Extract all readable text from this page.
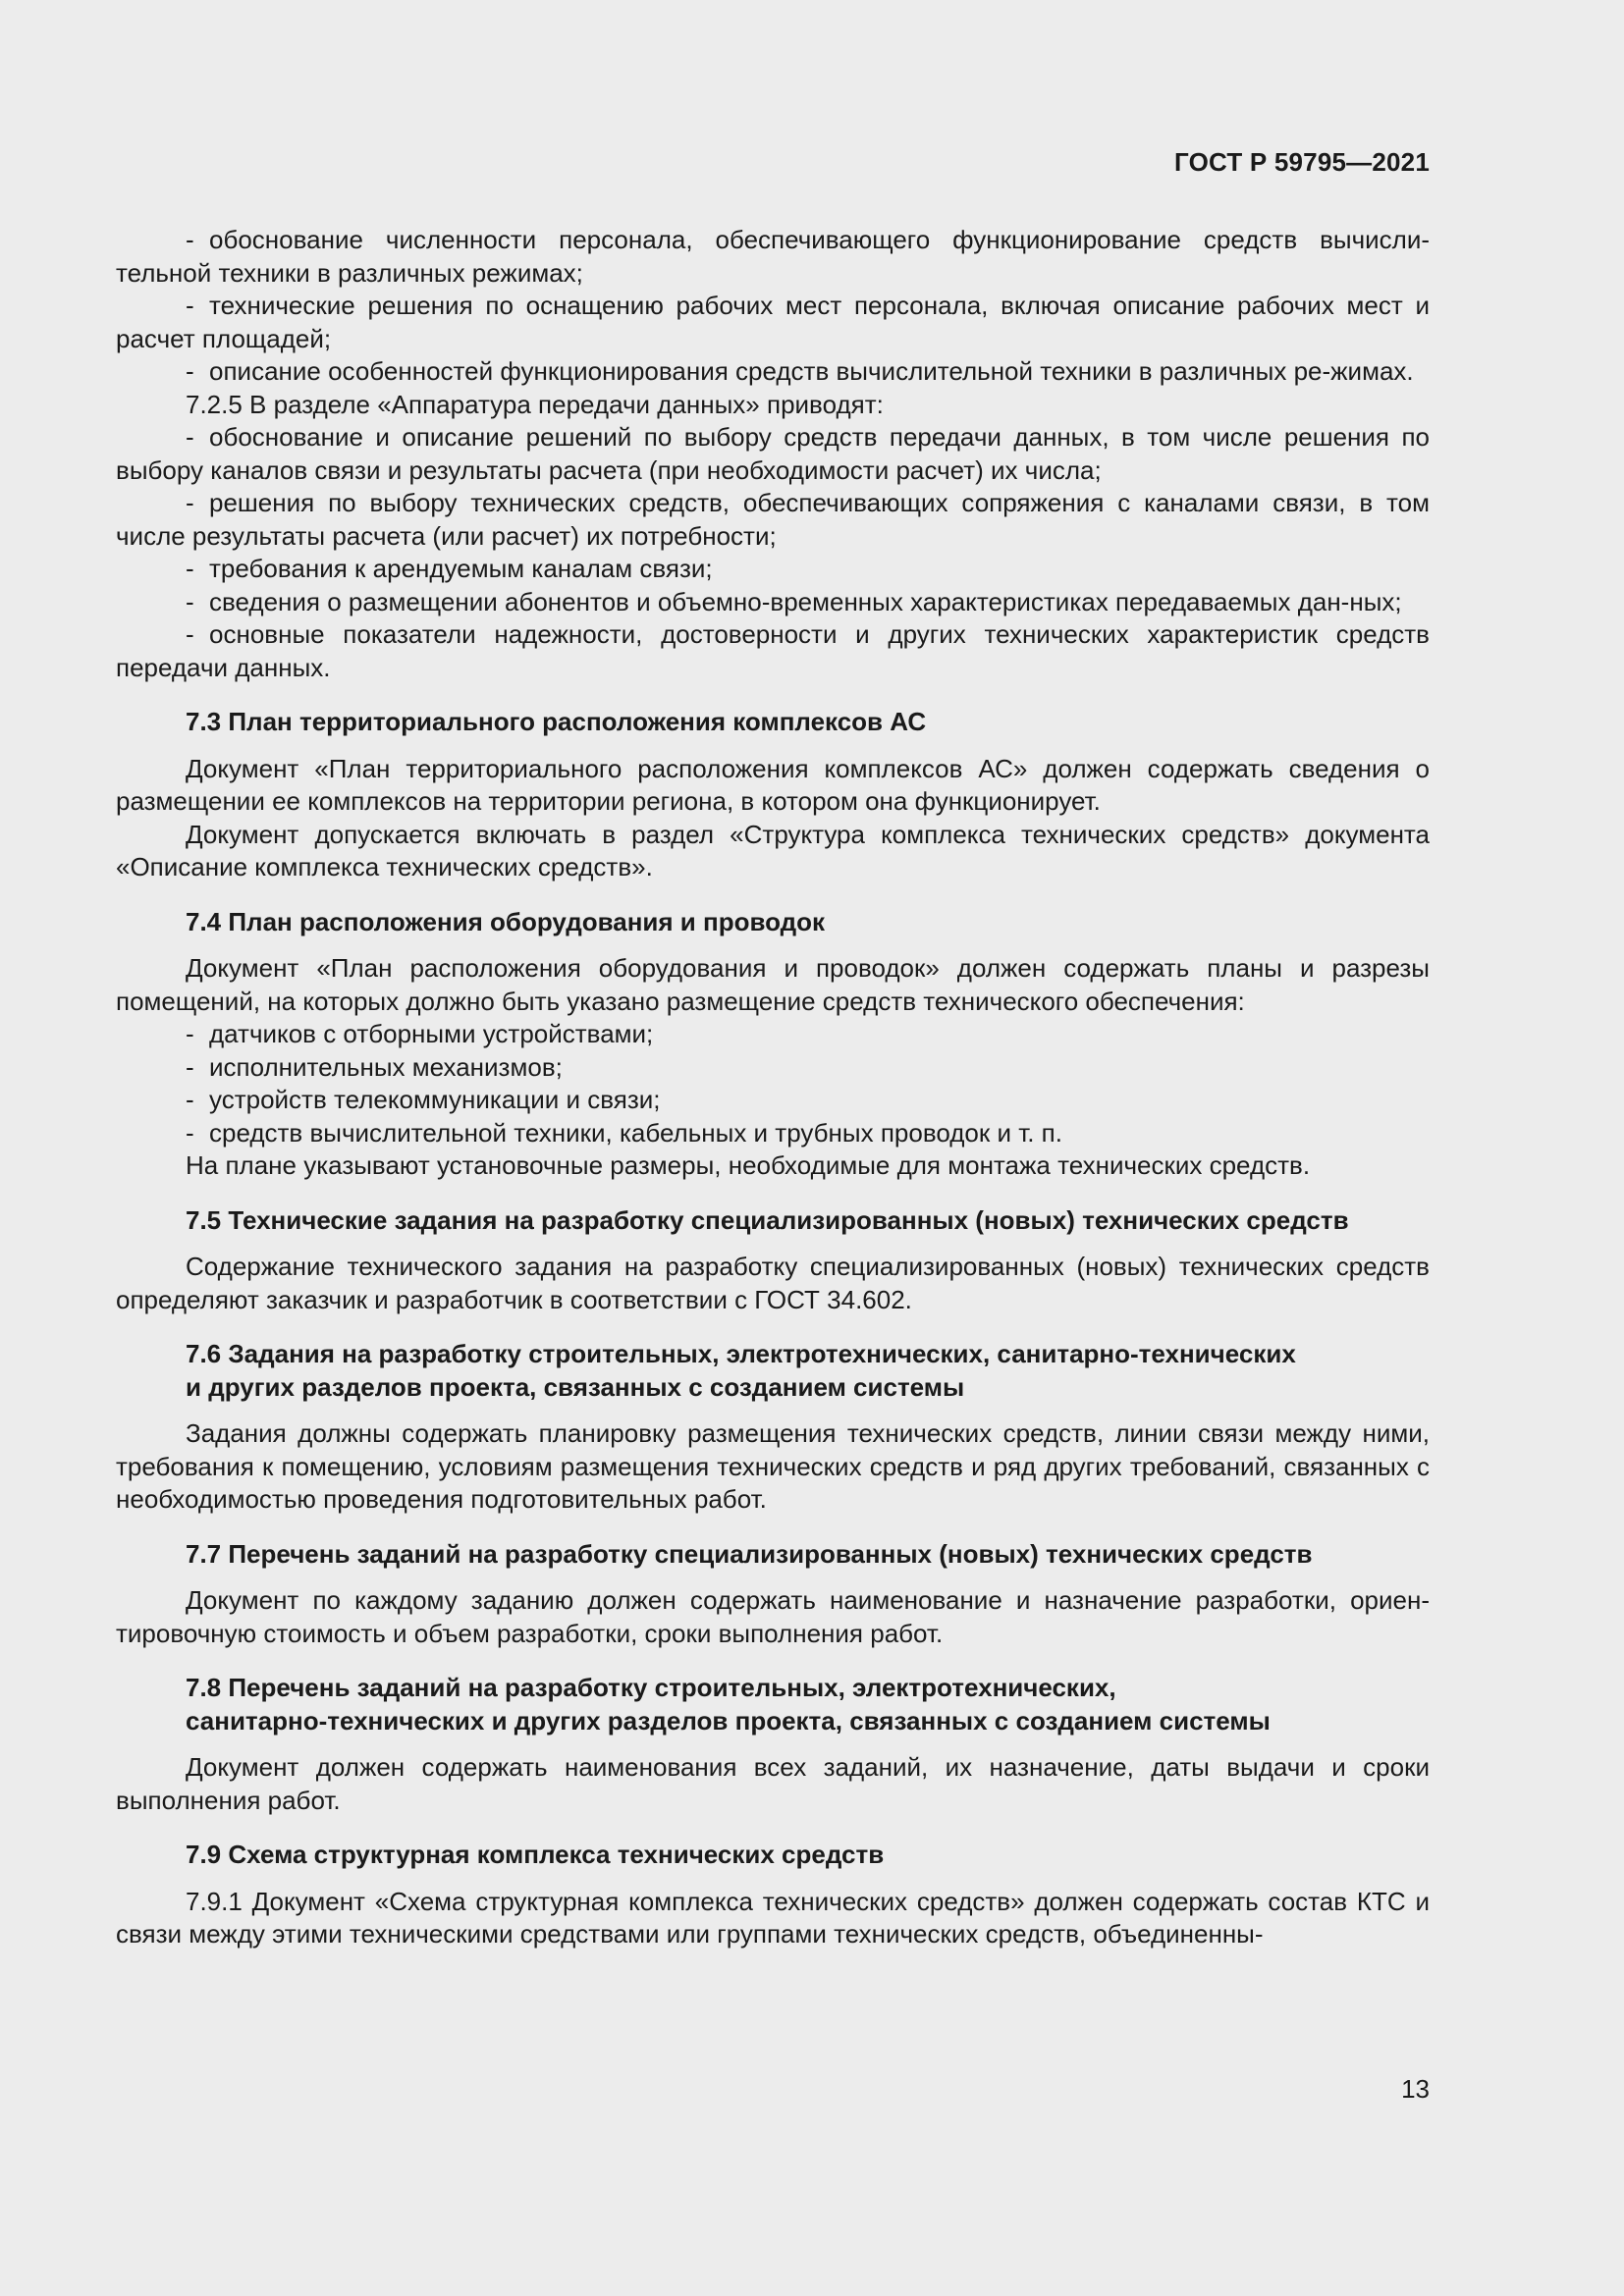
ГОСТ Р 59795—2021
- обоснование численности персонала, обеспечивающего функционирование средств вычисли-тельной техники в различных режимах;
- технические решения по оснащению рабочих мест персонала, включая описание рабочих мест и расчет площадей;
- описание особенностей функционирования средств вычислительной техники в различных ре-жимах.

7.2.5 В разделе «Аппаратура передачи данных» приводят:

- обоснование и описание решений по выбору средств передачи данных, в том числе решения по выбору каналов связи и результаты расчета (при необходимости расчет) их числа;
- решения по выбору технических средств, обеспечивающих сопряжения с каналами связи, в том числе результаты расчета (или расчет) их потребности;
- требования к арендуемым каналам связи;
- сведения о размещении абонентов и объемно-временных характеристиках передаваемых дан-ных;
- основные показатели надежности, достоверности и других технических характеристик средств передачи данных.
7.3 План территориального расположения комплексов АС

Документ «План территориального расположения комплексов АС» должен содержать сведения о размещении ее комплексов на территории региона, в котором она функционирует.

Документ допускается включать в раздел «Структура комплекса технических средств» документа «Описание комплекса технических средств».

7.4 План расположения оборудования и проводок

Документ «План расположения оборудования и проводок» должен содержать планы и разрезы помещений, на которых должно быть указано размещение средств технического обеспечения:

- датчиков с отборными устройствами;
- исполнительных механизмов;
- устройств телекоммуникации и связи;
- средств вычислительной техники, кабельных и трубных проводок и т. п.

На плане указывают установочные размеры, необходимые для монтажа технических средств.

7.5 Технические задания на разработку специализированных (новых) технических средств

Содержание технического задания на разработку специализированных (новых) технических средств определяют заказчик и разработчик в соответствии с ГОСТ 34.602.

7.6 Задания на разработку строительных, электротехнических, санитарно-технических
и других разделов проекта, связанных с созданием системы

Задания должны содержать планировку размещения технических средств, линии связи между ними, требования к помещению, условиям размещения технических средств и ряд других требований, связанных с необходимостью проведения подготовительных работ.

7.7 Перечень заданий на разработку специализированных (новых) технических средств

Документ по каждому заданию должен содержать наименование и назначение разработки, ориен-тировочную стоимость и объем разработки, сроки выполнения работ.

7.8 Перечень заданий на разработку строительных, электротехнических,
санитарно-технических и других разделов проекта, связанных с созданием системы

Документ должен содержать наименования всех заданий, их назначение, даты выдачи и сроки выполнения работ.

7.9 Схема структурная комплекса технических средств

7.9.1 Документ «Схема структурная комплекса технических средств» должен содержать состав КТС и связи между этими техническими средствами или группами технических средств, объединенны-

13
